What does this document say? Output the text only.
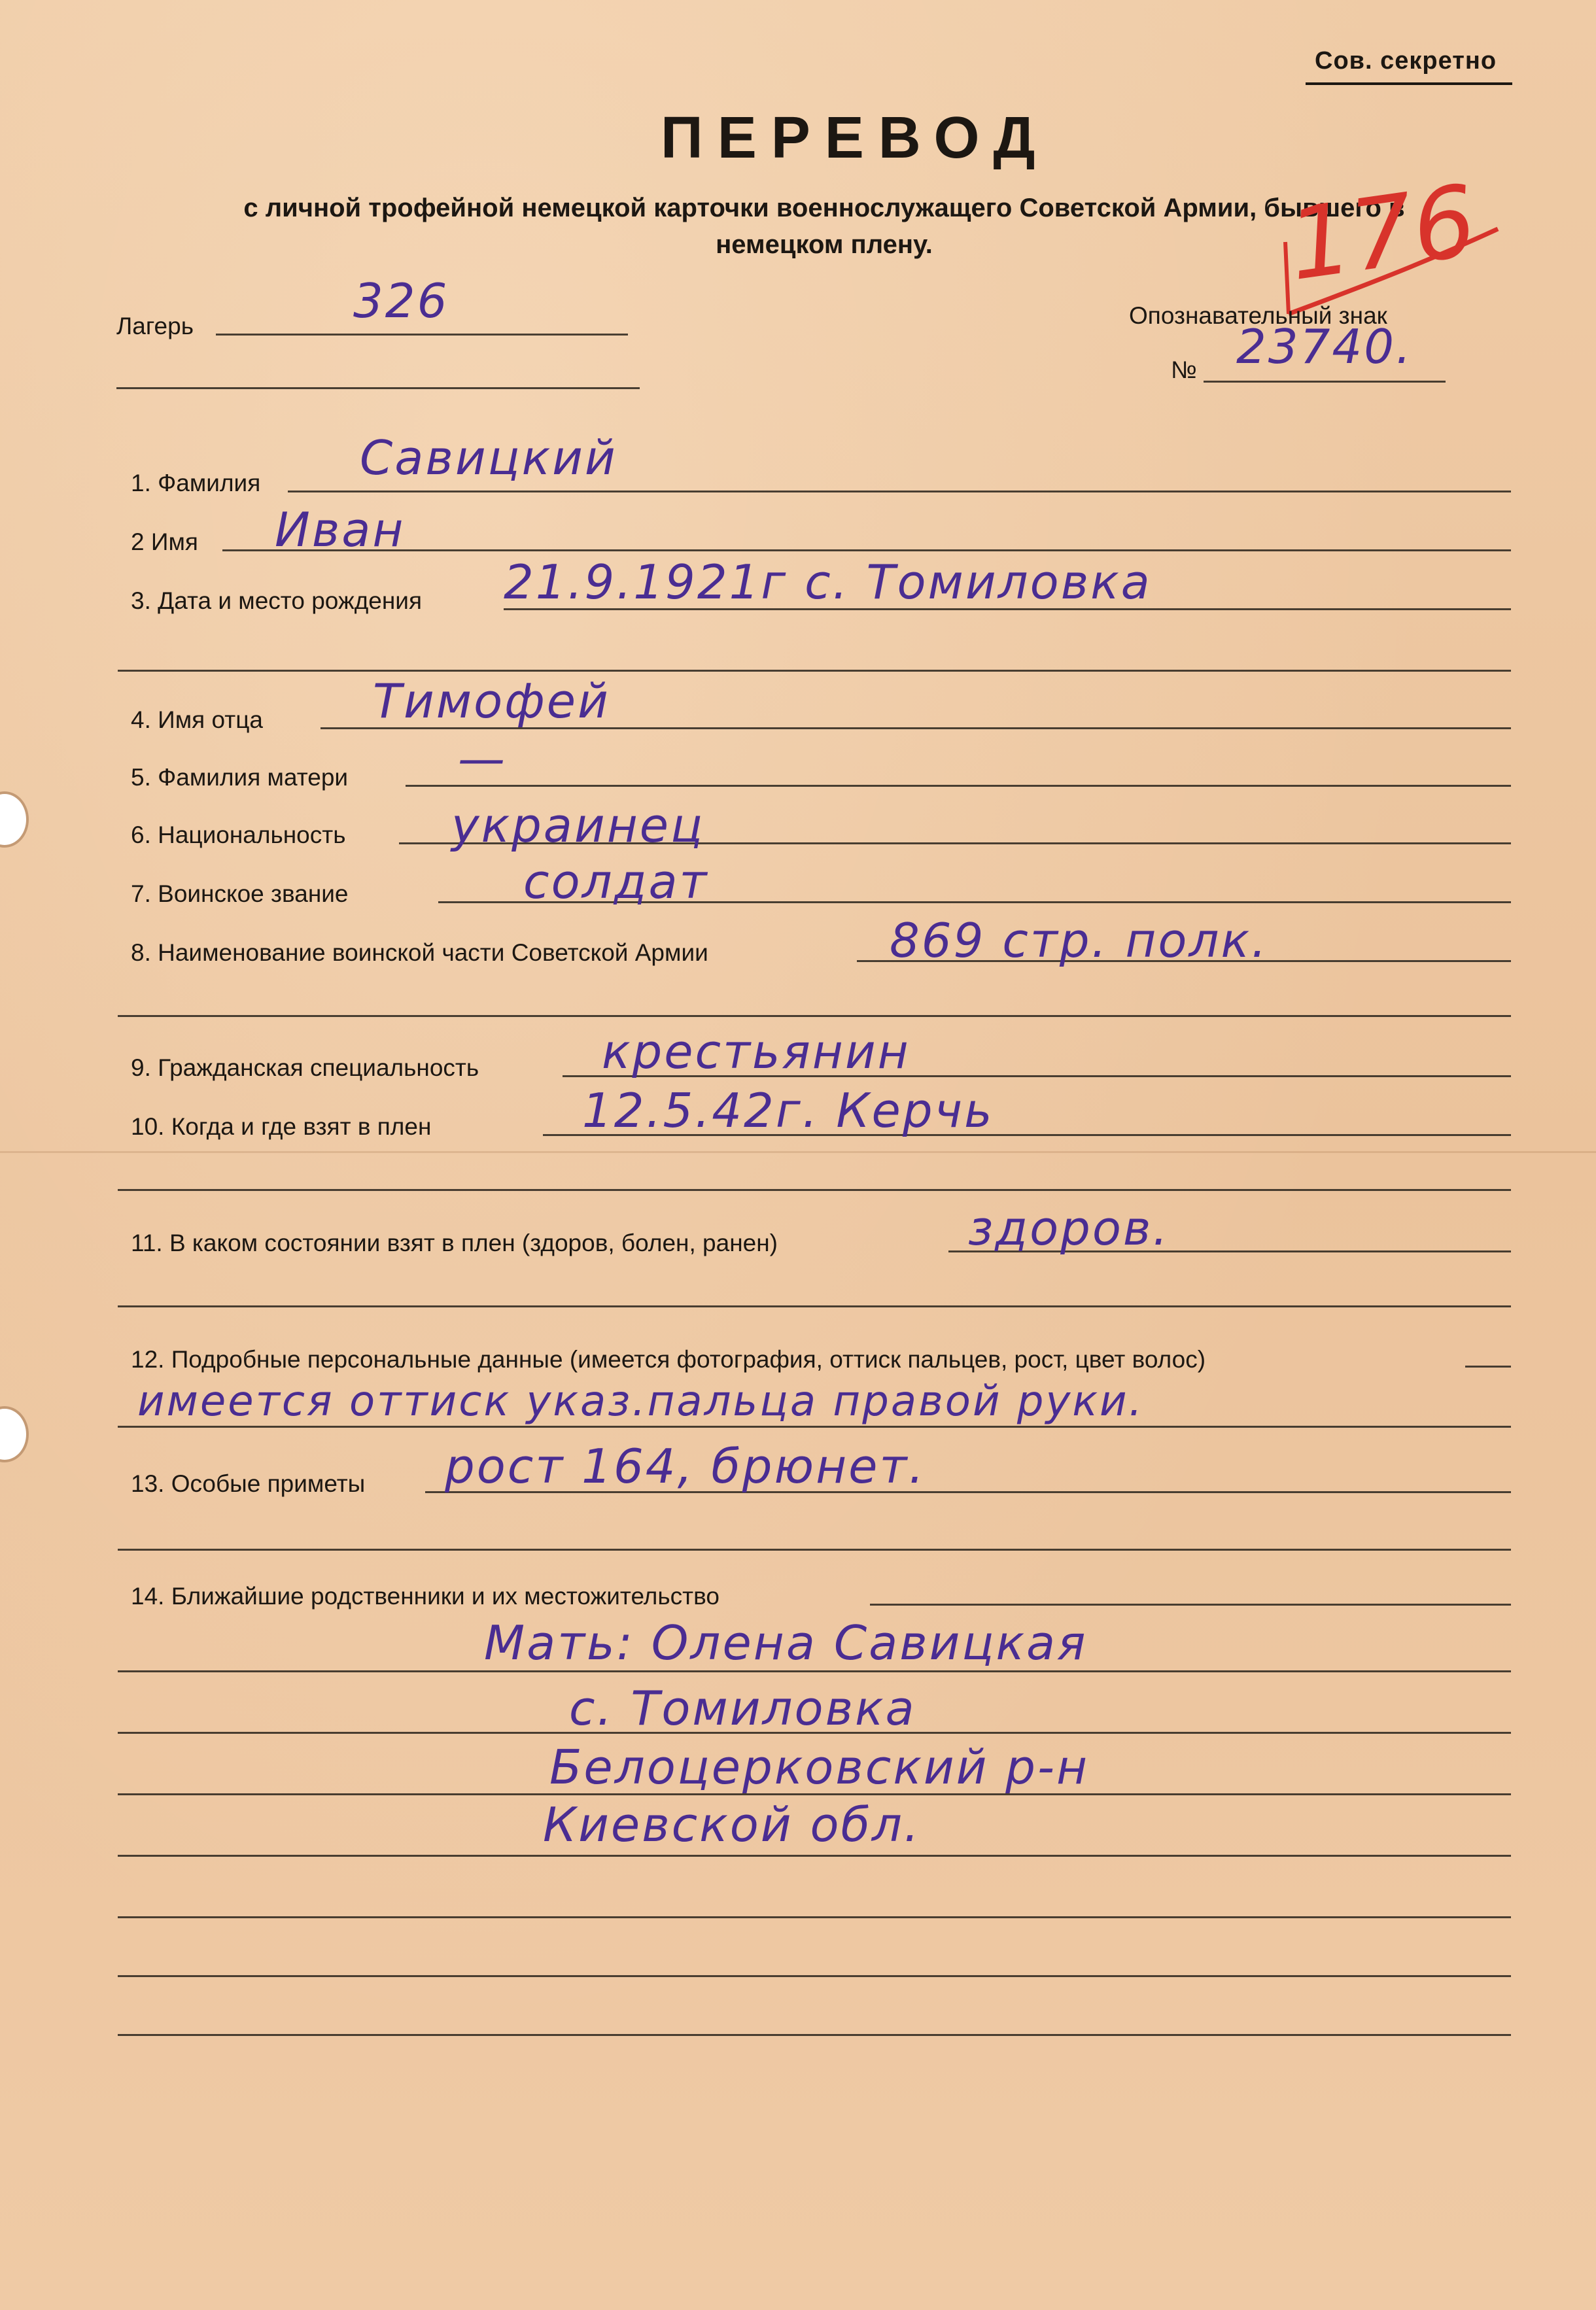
Сов. секретно
ПЕРЕВОД
с личной трофейной немецкой карточки военнослужащего Советской Армии, бывшего в немецком плену.	176
Лагерь	326	Опознавательный знак
№ 23740.
1. Фамилия Савицкий
2 Имя Иван
3. Дата и место рождения 21.9.1921г с. Томиловка
4. Имя отца Тимофей
5. Фамилия матери —
6. Национальность украинец
7. Воинское звание	солдат
8. Наименование воинской части Советской Армии	869 стр. полк.
9. Гражданская специальность	крестьянин
10. Когда и где взят в плен	12.5.42г. Керчь
11. В каком состоянии взят в плен (здоров, болен, ранен)	здоров.
12. Подробные персональные данные (имеется фотография, оттиск пальцев, рост, цвет волос)
имеется оттиск указ.пальца правой руки.
13. Особые приметы рост 164, брюнет.
14. Ближайшие родственники и их местожительство
Мать: Олена Савицкая
с. Томиловка
Белоцерковский р-н
Киевской обл.
